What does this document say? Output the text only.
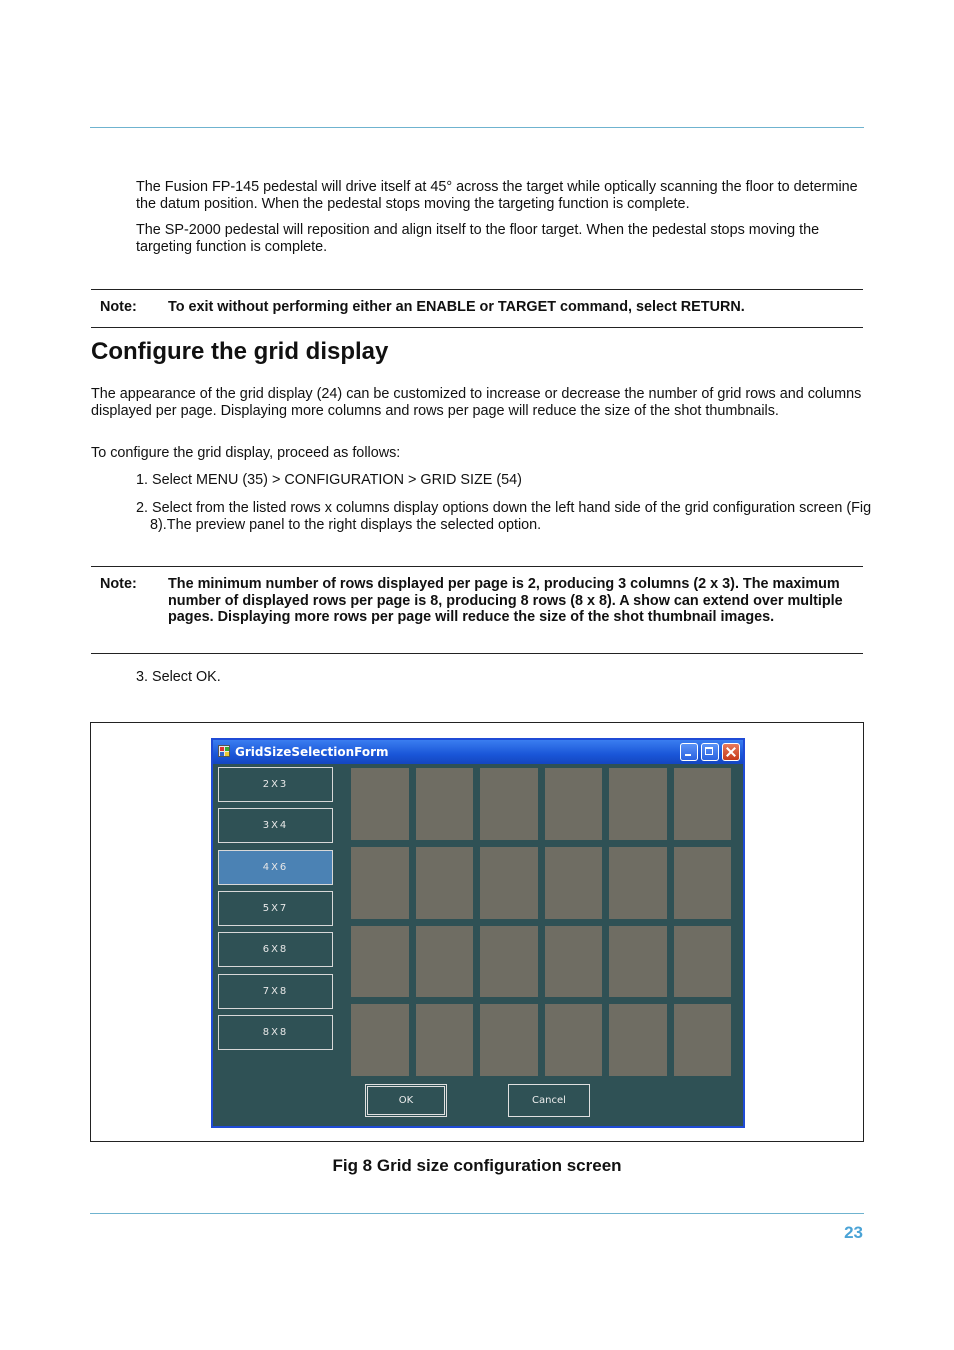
The Fusion FP-145 pedestal will drive itself at 45° across the target while optically scanning the floor to determine the datum position. When the pedestal stops moving the targeting function is complete.

The SP-2000 pedestal will reposition and align itself to the floor target. When the pedestal stops moving the targeting function is complete.

Note: To exit without performing either an ENABLE or TARGET command, select RETURN.
Configure the grid display

The appearance of the grid display (24) can be customized to increase or decrease the number of grid rows and columns displayed per page. Displaying more columns and rows per page will reduce the size of the shot thumbnails.

To configure the grid display, proceed as follows:

1. Select MENU (35) > CONFIGURATION > GRID SIZE (54)

2. Select from the listed rows x columns display options down the left hand side of the grid configuration screen (Fig 8).The preview panel to the right displays the selected option.

Note: The minimum number of rows displayed per page is 2, producing 3 columns (2 x 3). The maximum number of displayed rows per page is 8, producing 8 rows (8 x 8). A show can extend over multiple pages. Displaying more rows per page will reduce the size of the shot thumbnail images.

3. Select OK.

GridSizeSelectionForm
2X3
3X4
4X6
5X7
6X8
7X8
8X8
OK	Cancel
Fig 8 Grid size configuration screen
23
